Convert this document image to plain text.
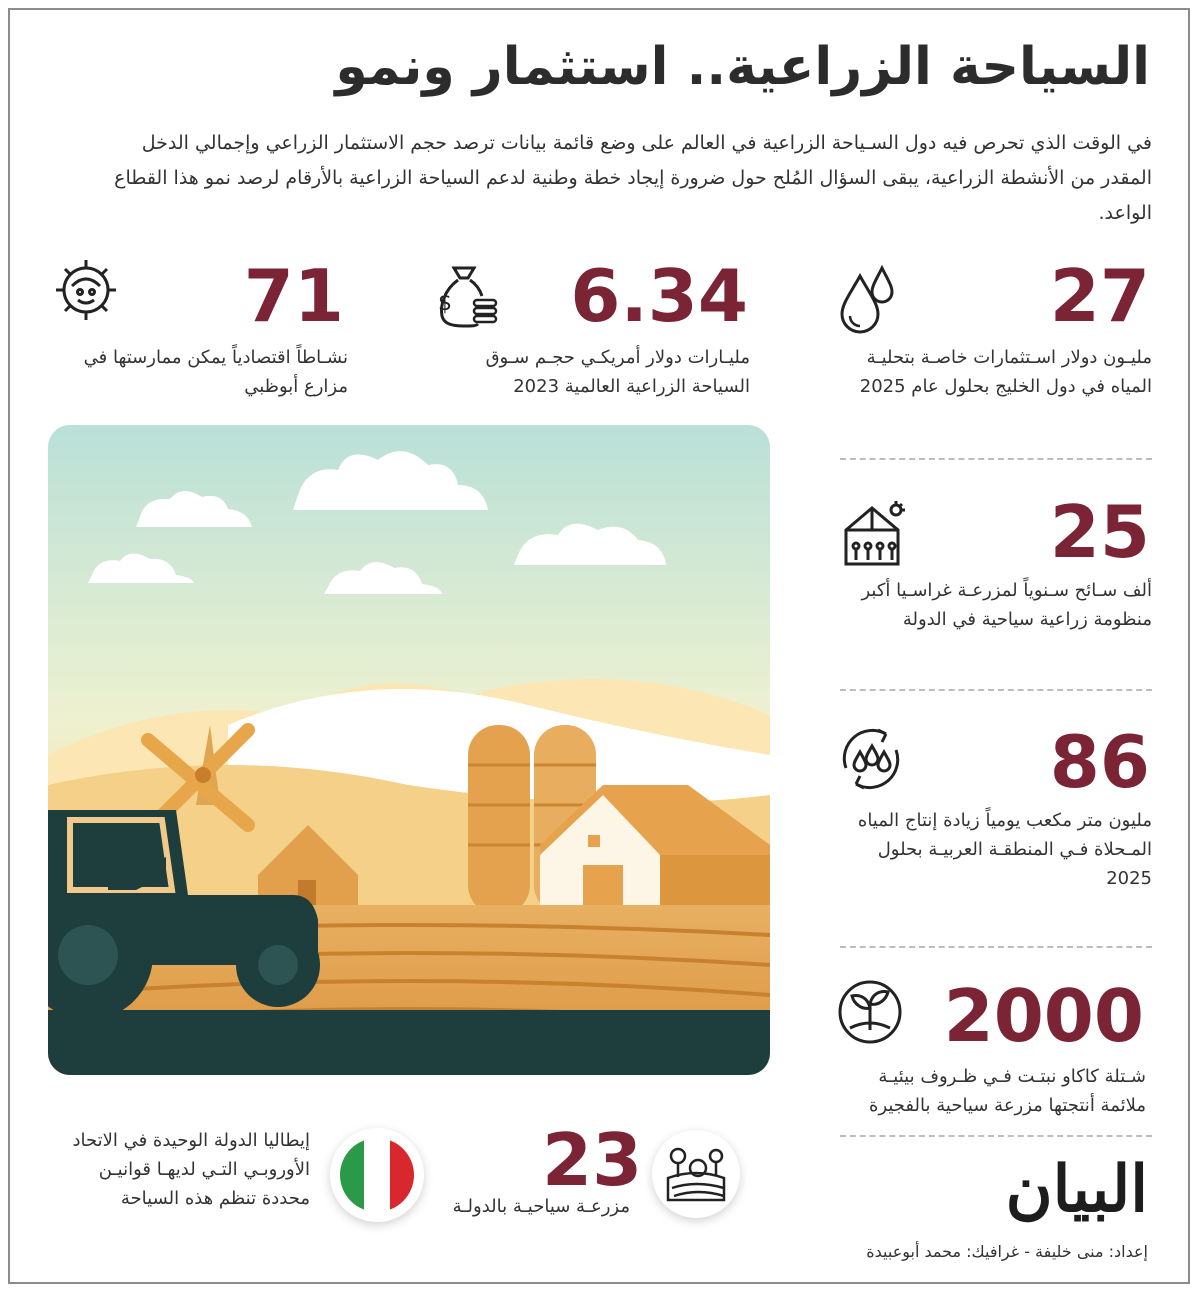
السياحة الزراعية.. استثمار ونمو
في الوقت الذي تحرص فيه دول السـياحة الزراعية في العالم على وضع قائمة بيانات ترصد حجم الاستثمار الزراعي وإجمالي الدخل المقدر من الأنشطة الزراعية، يبقى السؤال المُلح حول ضرورة إيجاد خطة وطنية لدعم السياحة الزراعية بالأرقام لرصد نمو هذا القطاع الواعد.
27
مليـون دولار اسـتثمارات خاصـة بتحليـة
المياه في دول الخليج بحلول عام 2025
6.34
$
مليـارات دولار أمريكـي حجـم سـوق
السياحة الزراعية العالمية 2023
71
نشـاطاً اقتصادياً يمكن ممارستها في
مزارع أبوظبي
25
ألف سـائح سـنوياً لمزرعـة غراسـيا أكبر
منظومة زراعية سياحية في الدولة
86
مليون متر مكعب يومياً زيادة إنتاج المياه
المـحلاة فـي المنطقـة العربيـة بحلول
2025
2000
شـتلة كاكاو نبتـت فـي ظـروف بيئيـة
ملائمة أنتجتها مزرعة سياحية بالفجيرة
البيان
إعداد: منى خليفة - غرافيك: محمد أبوعبيدة
23
مزرعـة سياحيـة بالدولـة
إيطاليا الدولة الوحيدة في الاتحاد
الأوروبـي التـي لديهـا قوانيـن
محددة تنظم هذه السياحة
